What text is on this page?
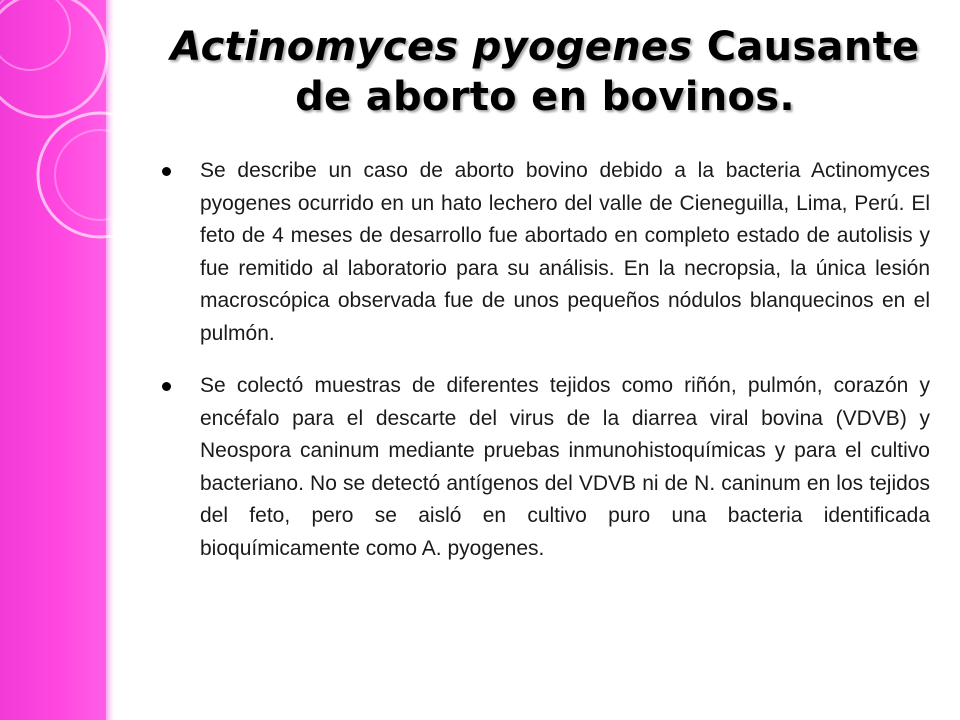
Actinomyces pyogenes Causante de aborto en bovinos.
Se describe un caso de aborto bovino debido a la bacteria Actinomyces pyogenes ocurrido en un hato lechero del valle de Cieneguilla, Lima, Perú. El feto de 4 meses de desarrollo fue abortado en completo estado de autolisis y fue remitido al laboratorio para su análisis. En la necropsia, la única lesión macroscópica observada fue de unos pequeños nódulos blanquecinos en el pulmón.
Se colectó muestras de diferentes tejidos como riñón, pulmón, corazón y encéfalo para el descarte del virus de la diarrea viral bovina (VDVB) y Neospora caninum mediante pruebas inmunohistoquímicas y para el cultivo bacteriano. No se detectó antígenos del VDVB ni de N. caninum en los tejidos del feto, pero se aisló en cultivo puro una bacteria identificada bioquímicamente como A. pyogenes.
